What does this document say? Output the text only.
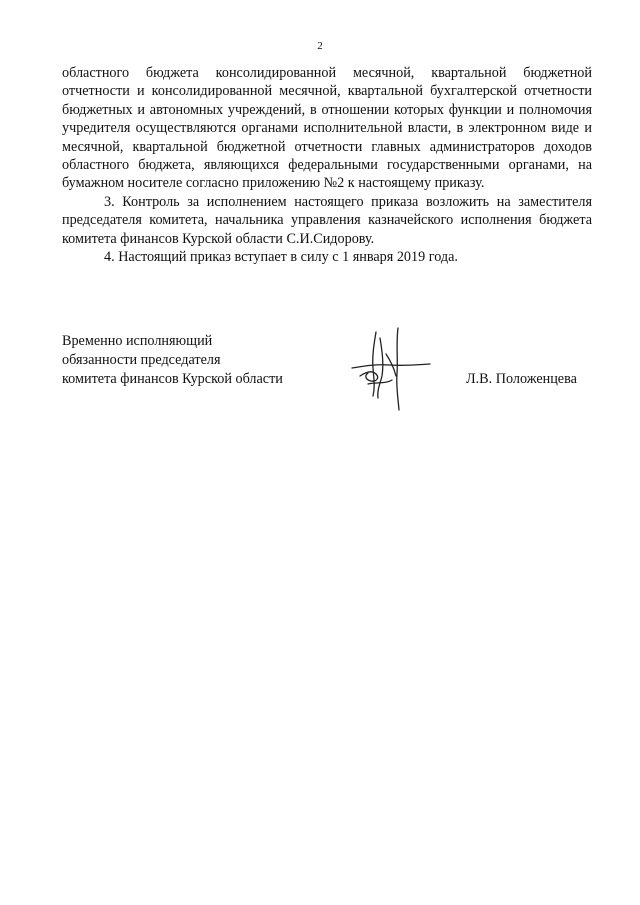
2

областного бюджета консолидированной месячной, квартальной бюджетной отчетности и консолидированной месячной, квартальной бухгалтерской отчетности бюджетных и автономных учреждений, в отношении которых функции и полномочия учредителя осуществляются органами исполнительной власти, в электронном виде и месячной, квартальной бюджетной отчетности главных администраторов доходов областного бюджета, являющихся федеральными государственными органами, на бумажном носителе согласно приложению №2 к настоящему приказу.

3. Контроль за исполнением настоящего приказа возложить на заместителя председателя комитета, начальника управления казначейского исполнения бюджета комитета финансов Курской области С.И.Сидорову.

4. Настоящий приказ вступает в силу с 1 января 2019 года.

Временно исполняющий
обязанности председателя
комитета финансов Курской области	Л.В. Положенцева
